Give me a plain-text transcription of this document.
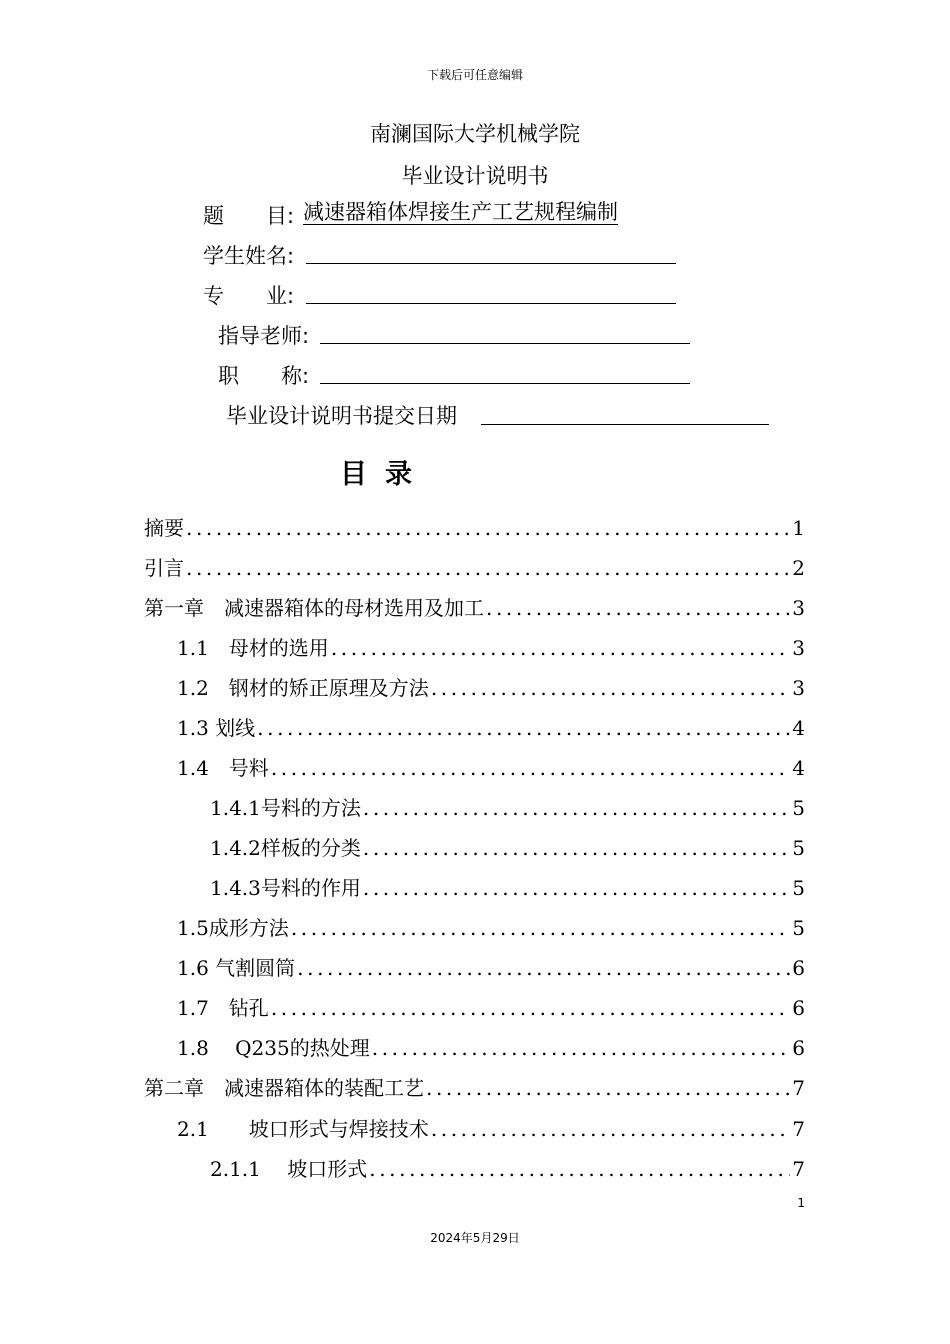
下载后可任意编辑
南澜国际大学机械学院
毕业设计说明书
题　　目: 减速器箱体焊接生产工艺规程编制
学生姓名:
专　　业:
指导老师:
职　　称:
毕业设计说明书提交日期
目录
摘要 .....	1
引言 .....	2
第一章　减速器箱体的母材选用及加工 .....	3
1.1　母材的选用 .....	3
1.2　钢材的矫正原理及方法 .....	3
1.3 划线 .....	4
1.4　号料 .....	4
1.4.1号料的方法 .....	5
1.4.2样板的分类 .....	5
1.4.3号料的作用 .....	5
1.5成形方法 .....	5
1.6 气割圆筒 .....	6
1.7　钻孔 .....	6
1.8　 Q235的热处理 .....	6
第二章　减速器箱体的装配工艺 .....	7
2.1　　坡口形式与焊接技术 .....	7
2.1.1　 坡口形式 .....	7
1
2024年5月29日
